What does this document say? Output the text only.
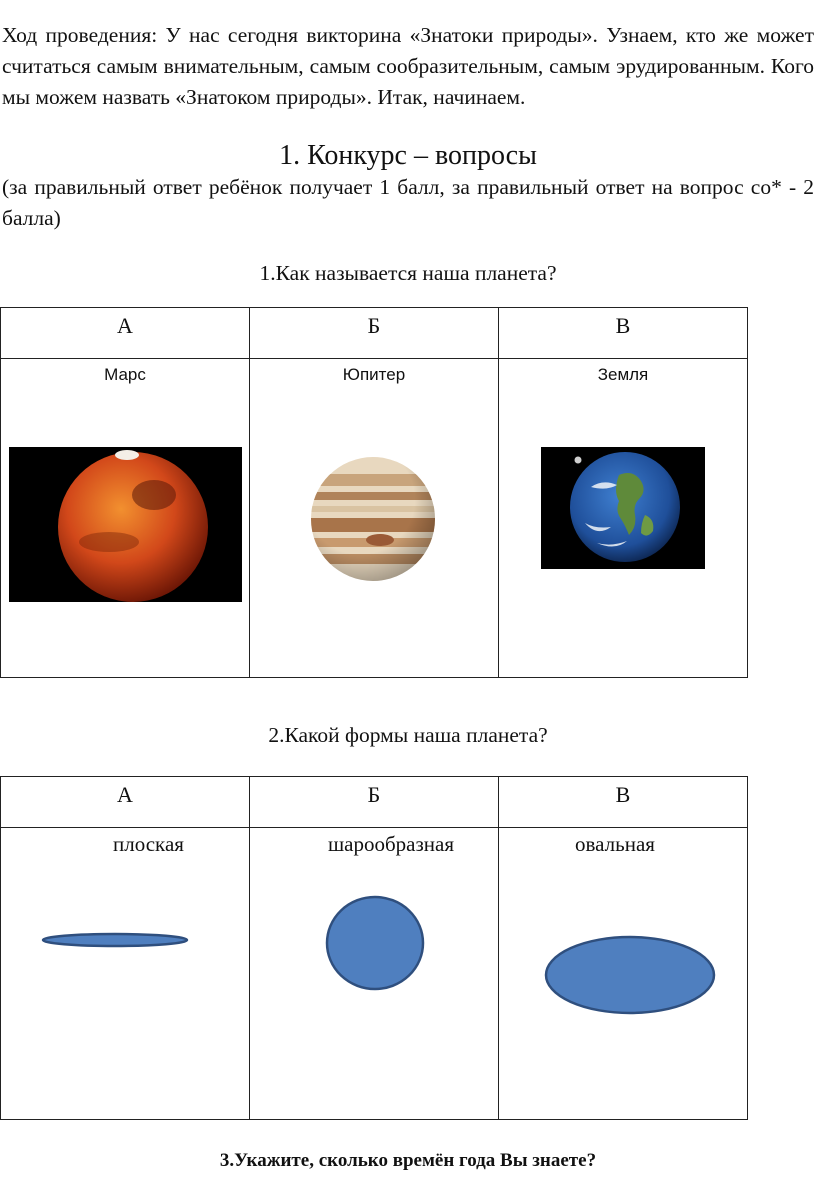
Ход проведения: У нас сегодня викторина «Знатоки природы». Узнаем, кто же может считаться самым внимательным, самым сообразительным, самым эрудированным. Кого мы можем назвать «Знатоком природы». Итак, начинаем.
1. Конкурс – вопросы
(за правильный ответ ребёнок получает 1 балл, за правильный ответ на вопрос со* - 2 балла)
1.Как называется наша планета?
А	Б	В

Марс	Юпитер	Земля
2.Какой формы наша планета?
А	Б	В

плоская	шарообразная	овальная
3.Укажите, сколько времён года Вы знаете?
